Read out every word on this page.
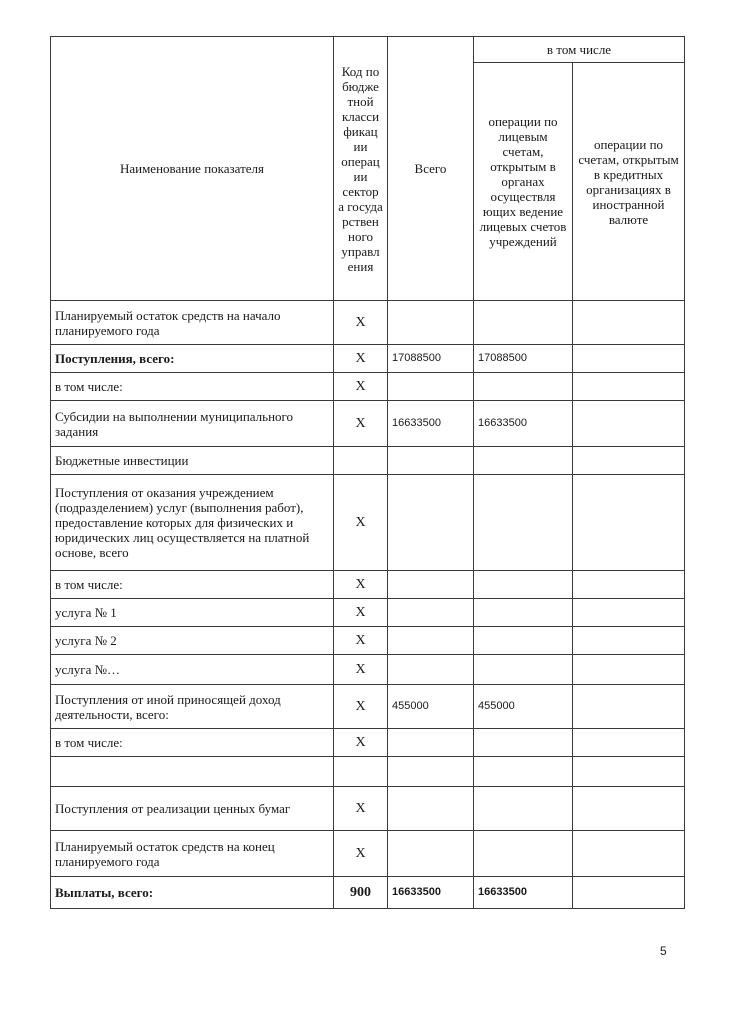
Наименование показателя	Код по бюдже тной класси фикац ии операц ии сектор а госуда рствен ного управл ения	Всего	в том числе	
			операции по лицевым счетам, открытым в органах осуществля ющих ведение лицевых счетов учреждений	операции по счетам, открытым в кредитных организациях в иностранной валюте
Планируемый остаток средств на начало планируемого года	X			
Поступления, всего:	X	17088500	17088500	
в том числе:	X			
Субсидии на выполнении муниципального задания	X	16633500	16633500	
Бюджетные инвестиции				
Поступления от оказания учреждением (подразделением) услуг (выполнения работ), предоставление которых для физических и юридических лиц осуществляется на платной основе, всего	X			
в том числе:	X			
услуга № 1	X			
услуга № 2	X			
услуга №…	X			
Поступления от иной приносящей доход деятельности, всего:	X	455000	455000	
в том числе:	X			

Поступления от реализации ценных бумаг	X			
Планируемый остаток средств на конец планируемого года	X			
Выплаты, всего:	900	16633500	16633500	
5
